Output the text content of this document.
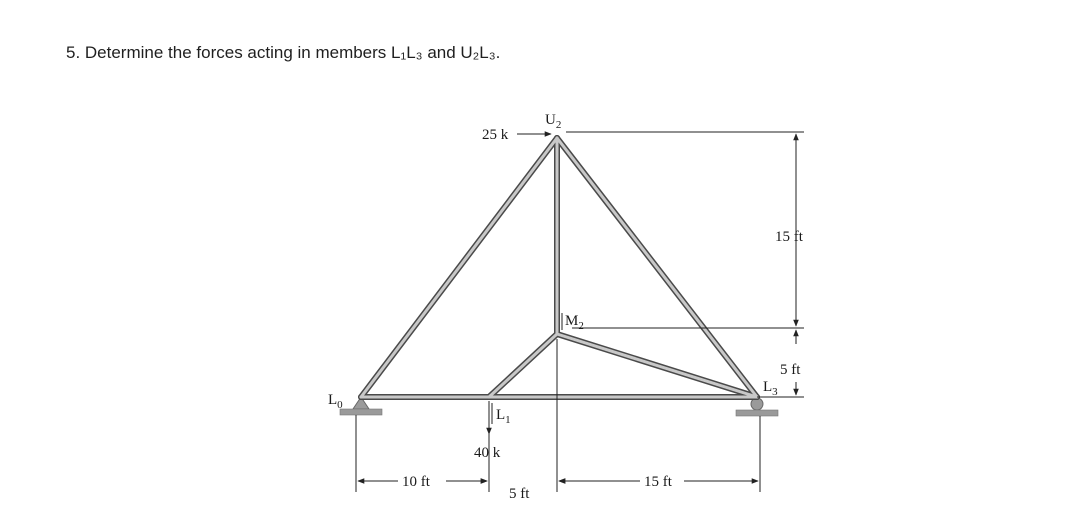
5. Determine the forces acting in members L₁L₃ and U₂L₃.
$L_0$
$L_1$
$L_3$
$U_2$
$M_2$
25 k
40 k
10 ft
5 ft
15 ft
15 ft
5 ft
